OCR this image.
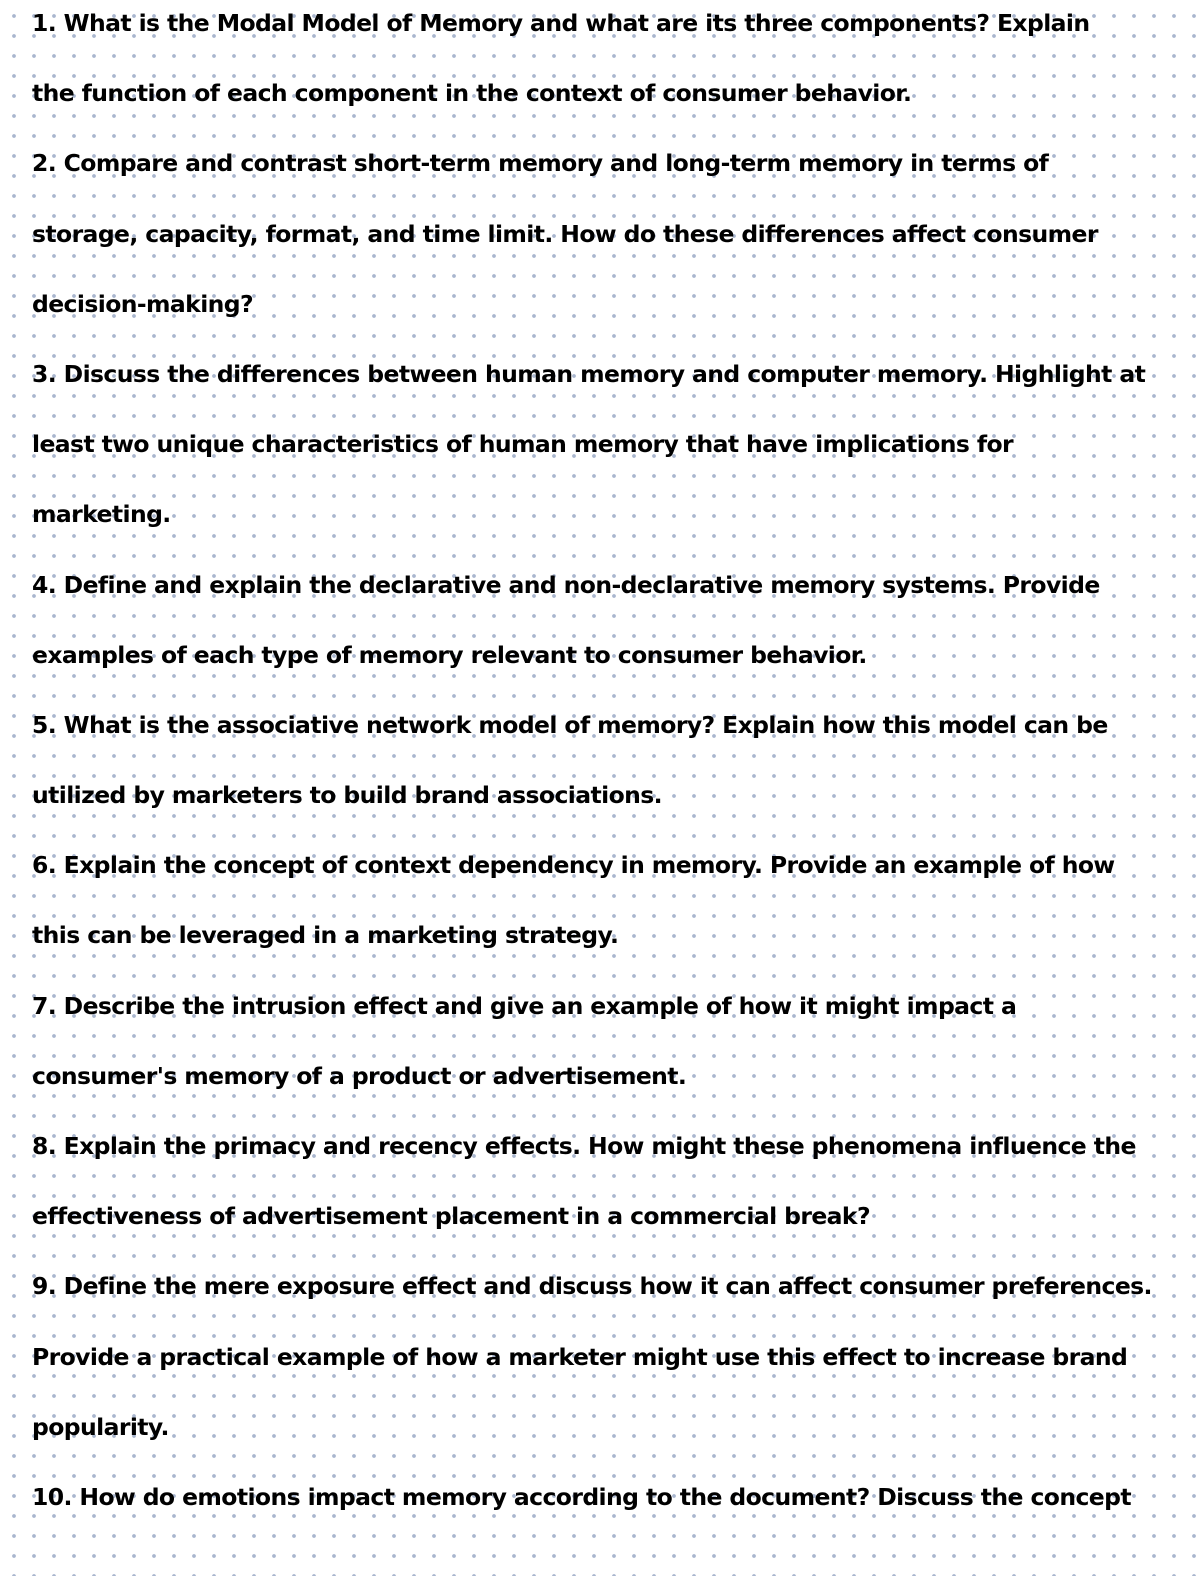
1. What is the Modal Model of Memory and what are its three components? Explain
the function of each component in the context of consumer behavior.
2. Compare and contrast short-term memory and long-term memory in terms of
storage, capacity, format, and time limit. How do these differences affect consumer
decision-making?
3. Discuss the differences between human memory and computer memory. Highlight at
least two unique characteristics of human memory that have implications for
marketing.
4. Define and explain the declarative and non-declarative memory systems. Provide
examples of each type of memory relevant to consumer behavior.
5. What is the associative network model of memory? Explain how this model can be
utilized by marketers to build brand associations.
6. Explain the concept of context dependency in memory. Provide an example of how
this can be leveraged in a marketing strategy.
7. Describe the intrusion effect and give an example of how it might impact a
consumer's memory of a product or advertisement.
8. Explain the primacy and recency effects. How might these phenomena influence the
effectiveness of advertisement placement in a commercial break?
9. Define the mere exposure effect and discuss how it can affect consumer preferences.
Provide a practical example of how a marketer might use this effect to increase brand
popularity.
10. How do emotions impact memory according to the document? Discuss the concept
